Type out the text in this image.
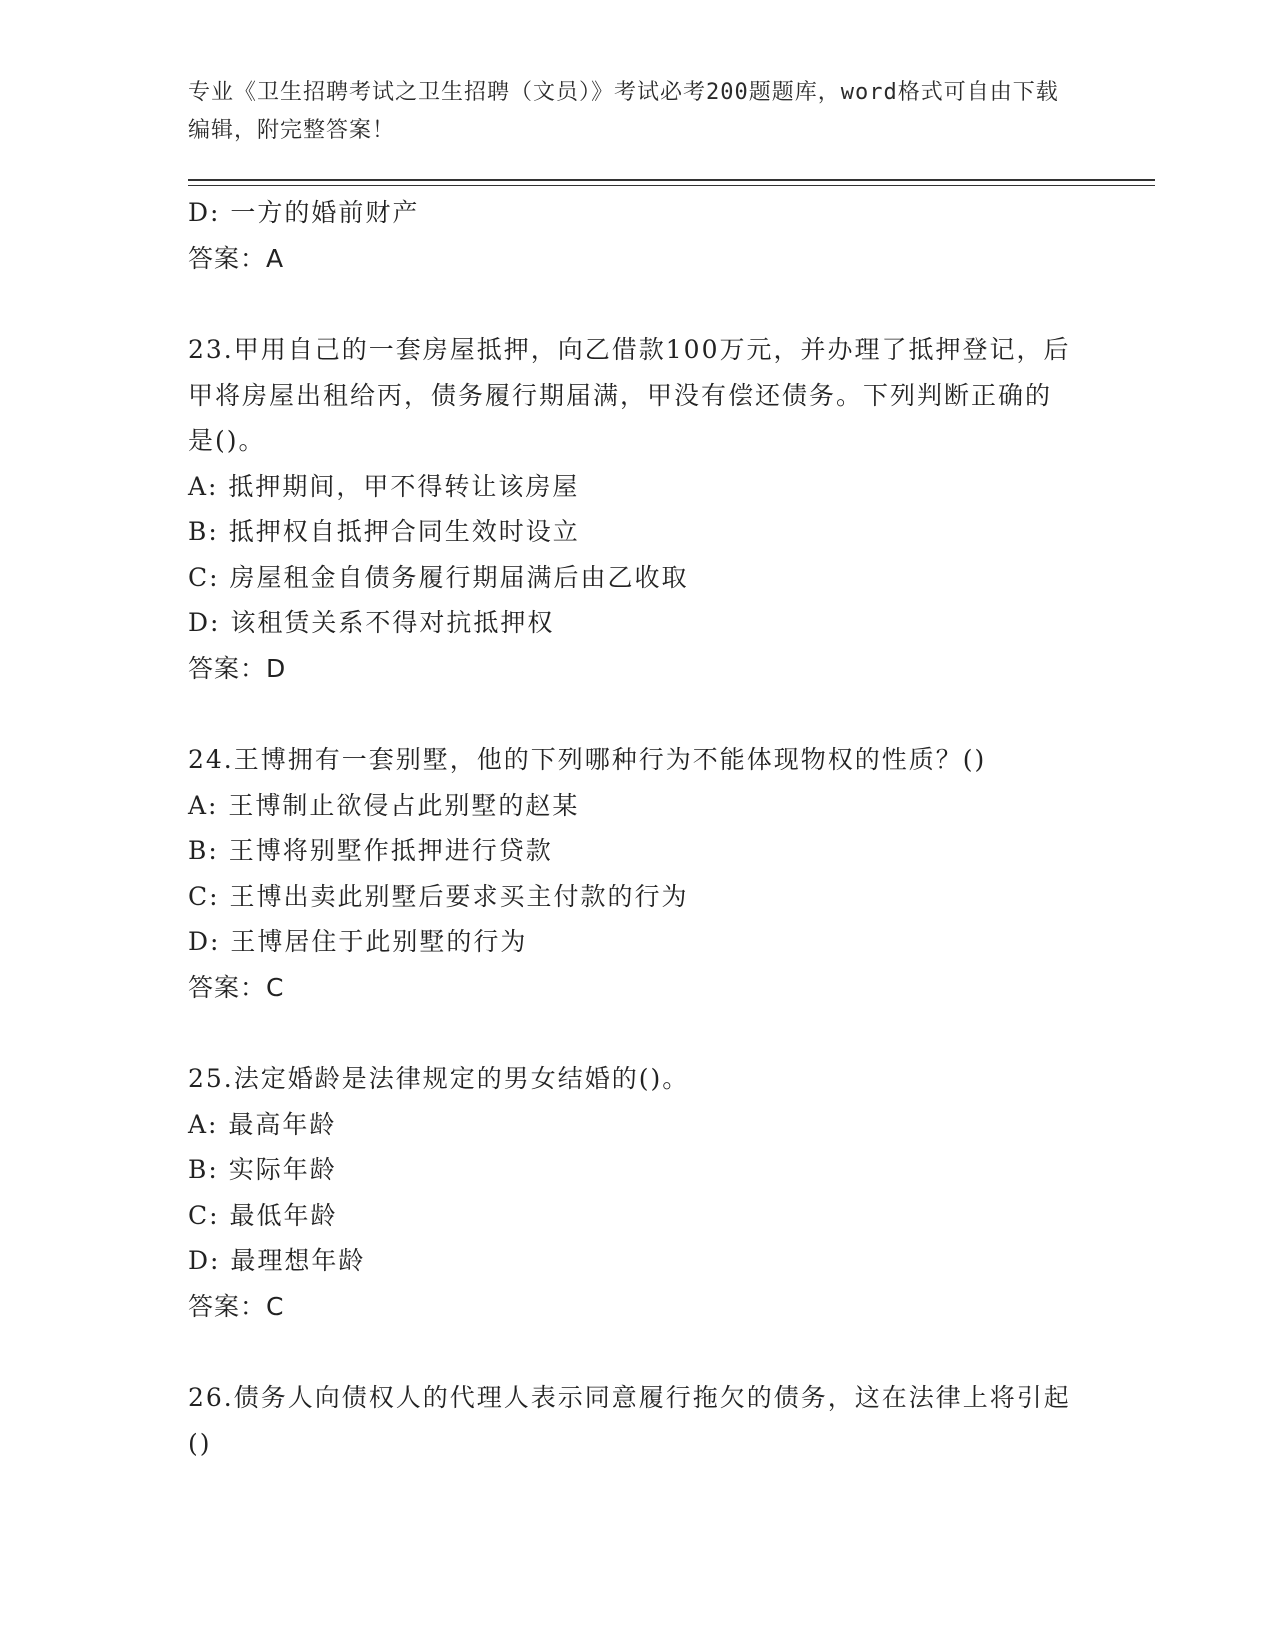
专业《卫生招聘考试之卫生招聘（文员）》考试必考200题题库，word格式可自由下载编辑，附完整答案！
D: 一方的婚前财产
答案：A
23.甲用自己的一套房屋抵押，向乙借款100万元，并办理了抵押登记，后甲将房屋出租给丙，债务履行期届满，甲没有偿还债务。下列判断正确的是()。
A: 抵押期间，甲不得转让该房屋
B: 抵押权自抵押合同生效时设立
C: 房屋租金自债务履行期届满后由乙收取
D: 该租赁关系不得对抗抵押权
答案：D
24.王博拥有一套别墅，他的下列哪种行为不能体现物权的性质？()
A: 王博制止欲侵占此别墅的赵某
B: 王博将别墅作抵押进行贷款
C: 王博出卖此别墅后要求买主付款的行为
D: 王博居住于此别墅的行为
答案：C
25.法定婚龄是法律规定的男女结婚的()。
A: 最高年龄
B: 实际年龄
C: 最低年龄
D: 最理想年龄
答案：C
26.债务人向债权人的代理人表示同意履行拖欠的债务，这在法律上将引起()
